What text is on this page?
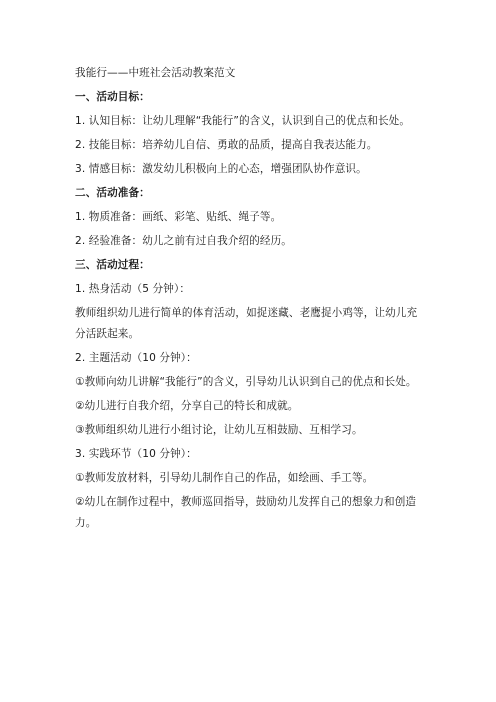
我能行——中班社会活动教案范文
一、活动目标：
1. 认知目标：让幼儿理解“我能行”的含义，认识到自己的优点和长处。
2. 技能目标：培养幼儿自信、勇敢的品质，提高自我表达能力。
3. 情感目标：激发幼儿积极向上的心态，增强团队协作意识。
二、活动准备：
1. 物质准备：画纸、彩笔、贴纸、绳子等。
2. 经验准备：幼儿之前有过自我介绍的经历。
三、活动过程：
1. 热身活动（5 分钟）：
教师组织幼儿进行简单的体育活动，如捉迷藏、老鹰捉小鸡等，让幼儿充分活跃起来。
2. 主题活动（10 分钟）：
①教师向幼儿讲解“我能行”的含义，引导幼儿认识到自己的优点和长处。
②幼儿进行自我介绍，分享自己的特长和成就。
③教师组织幼儿进行小组讨论，让幼儿互相鼓励、互相学习。
3. 实践环节（10 分钟）：
①教师发放材料，引导幼儿制作自己的作品，如绘画、手工等。
②幼儿在制作过程中，教师巡回指导，鼓励幼儿发挥自己的想象力和创造力。
